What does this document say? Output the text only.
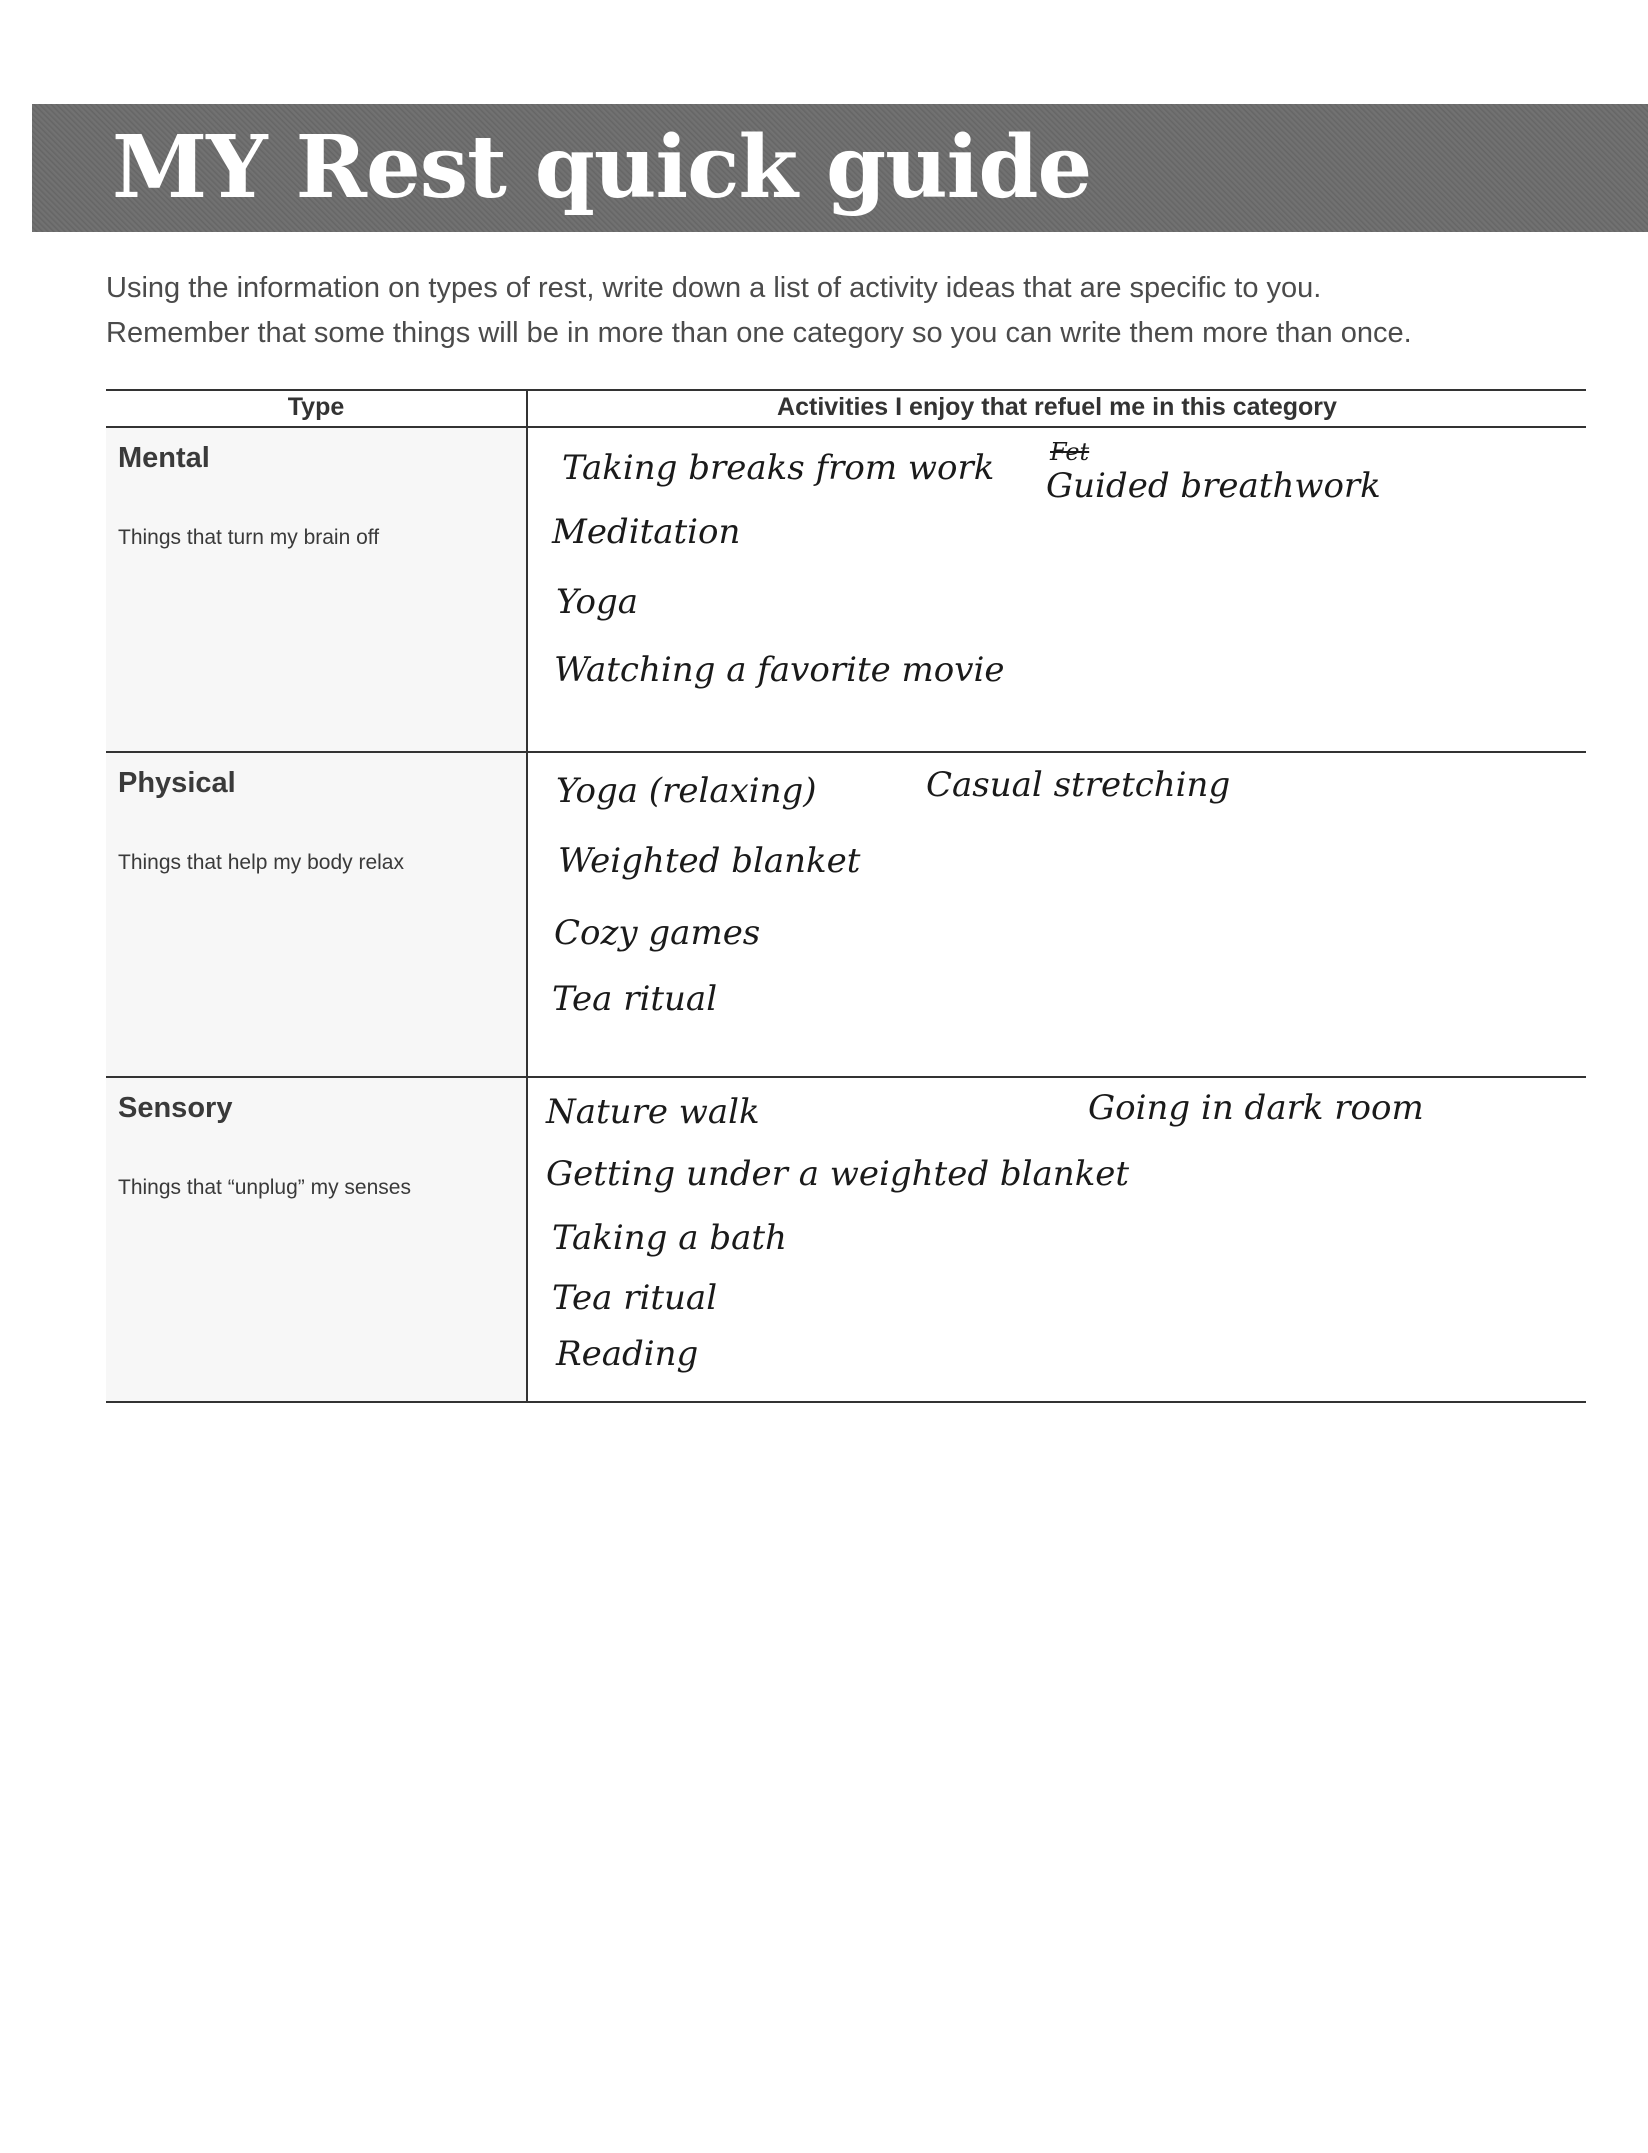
MY Rest quick guide

Using the information on types of rest, write down a list of activity ideas that are specific to you.

Remember that some things will be in more than one category so you can write them more than once.

Type	Activities I enjoy that refuel me in this category
Mental
Things that turn my brain off
Taking breaks from work
Meditation
Yoga
Watching a favorite movie
Fet
Guided breathwork
Physical
Things that help my body relax
Yoga (relaxing)
Weighted blanket
Cozy games
Tea ritual
Casual stretching
Sensory
Things that “unplug” my senses
Nature walk
Getting under a weighted blanket
Taking a bath
Tea ritual
Reading
Going in dark room
